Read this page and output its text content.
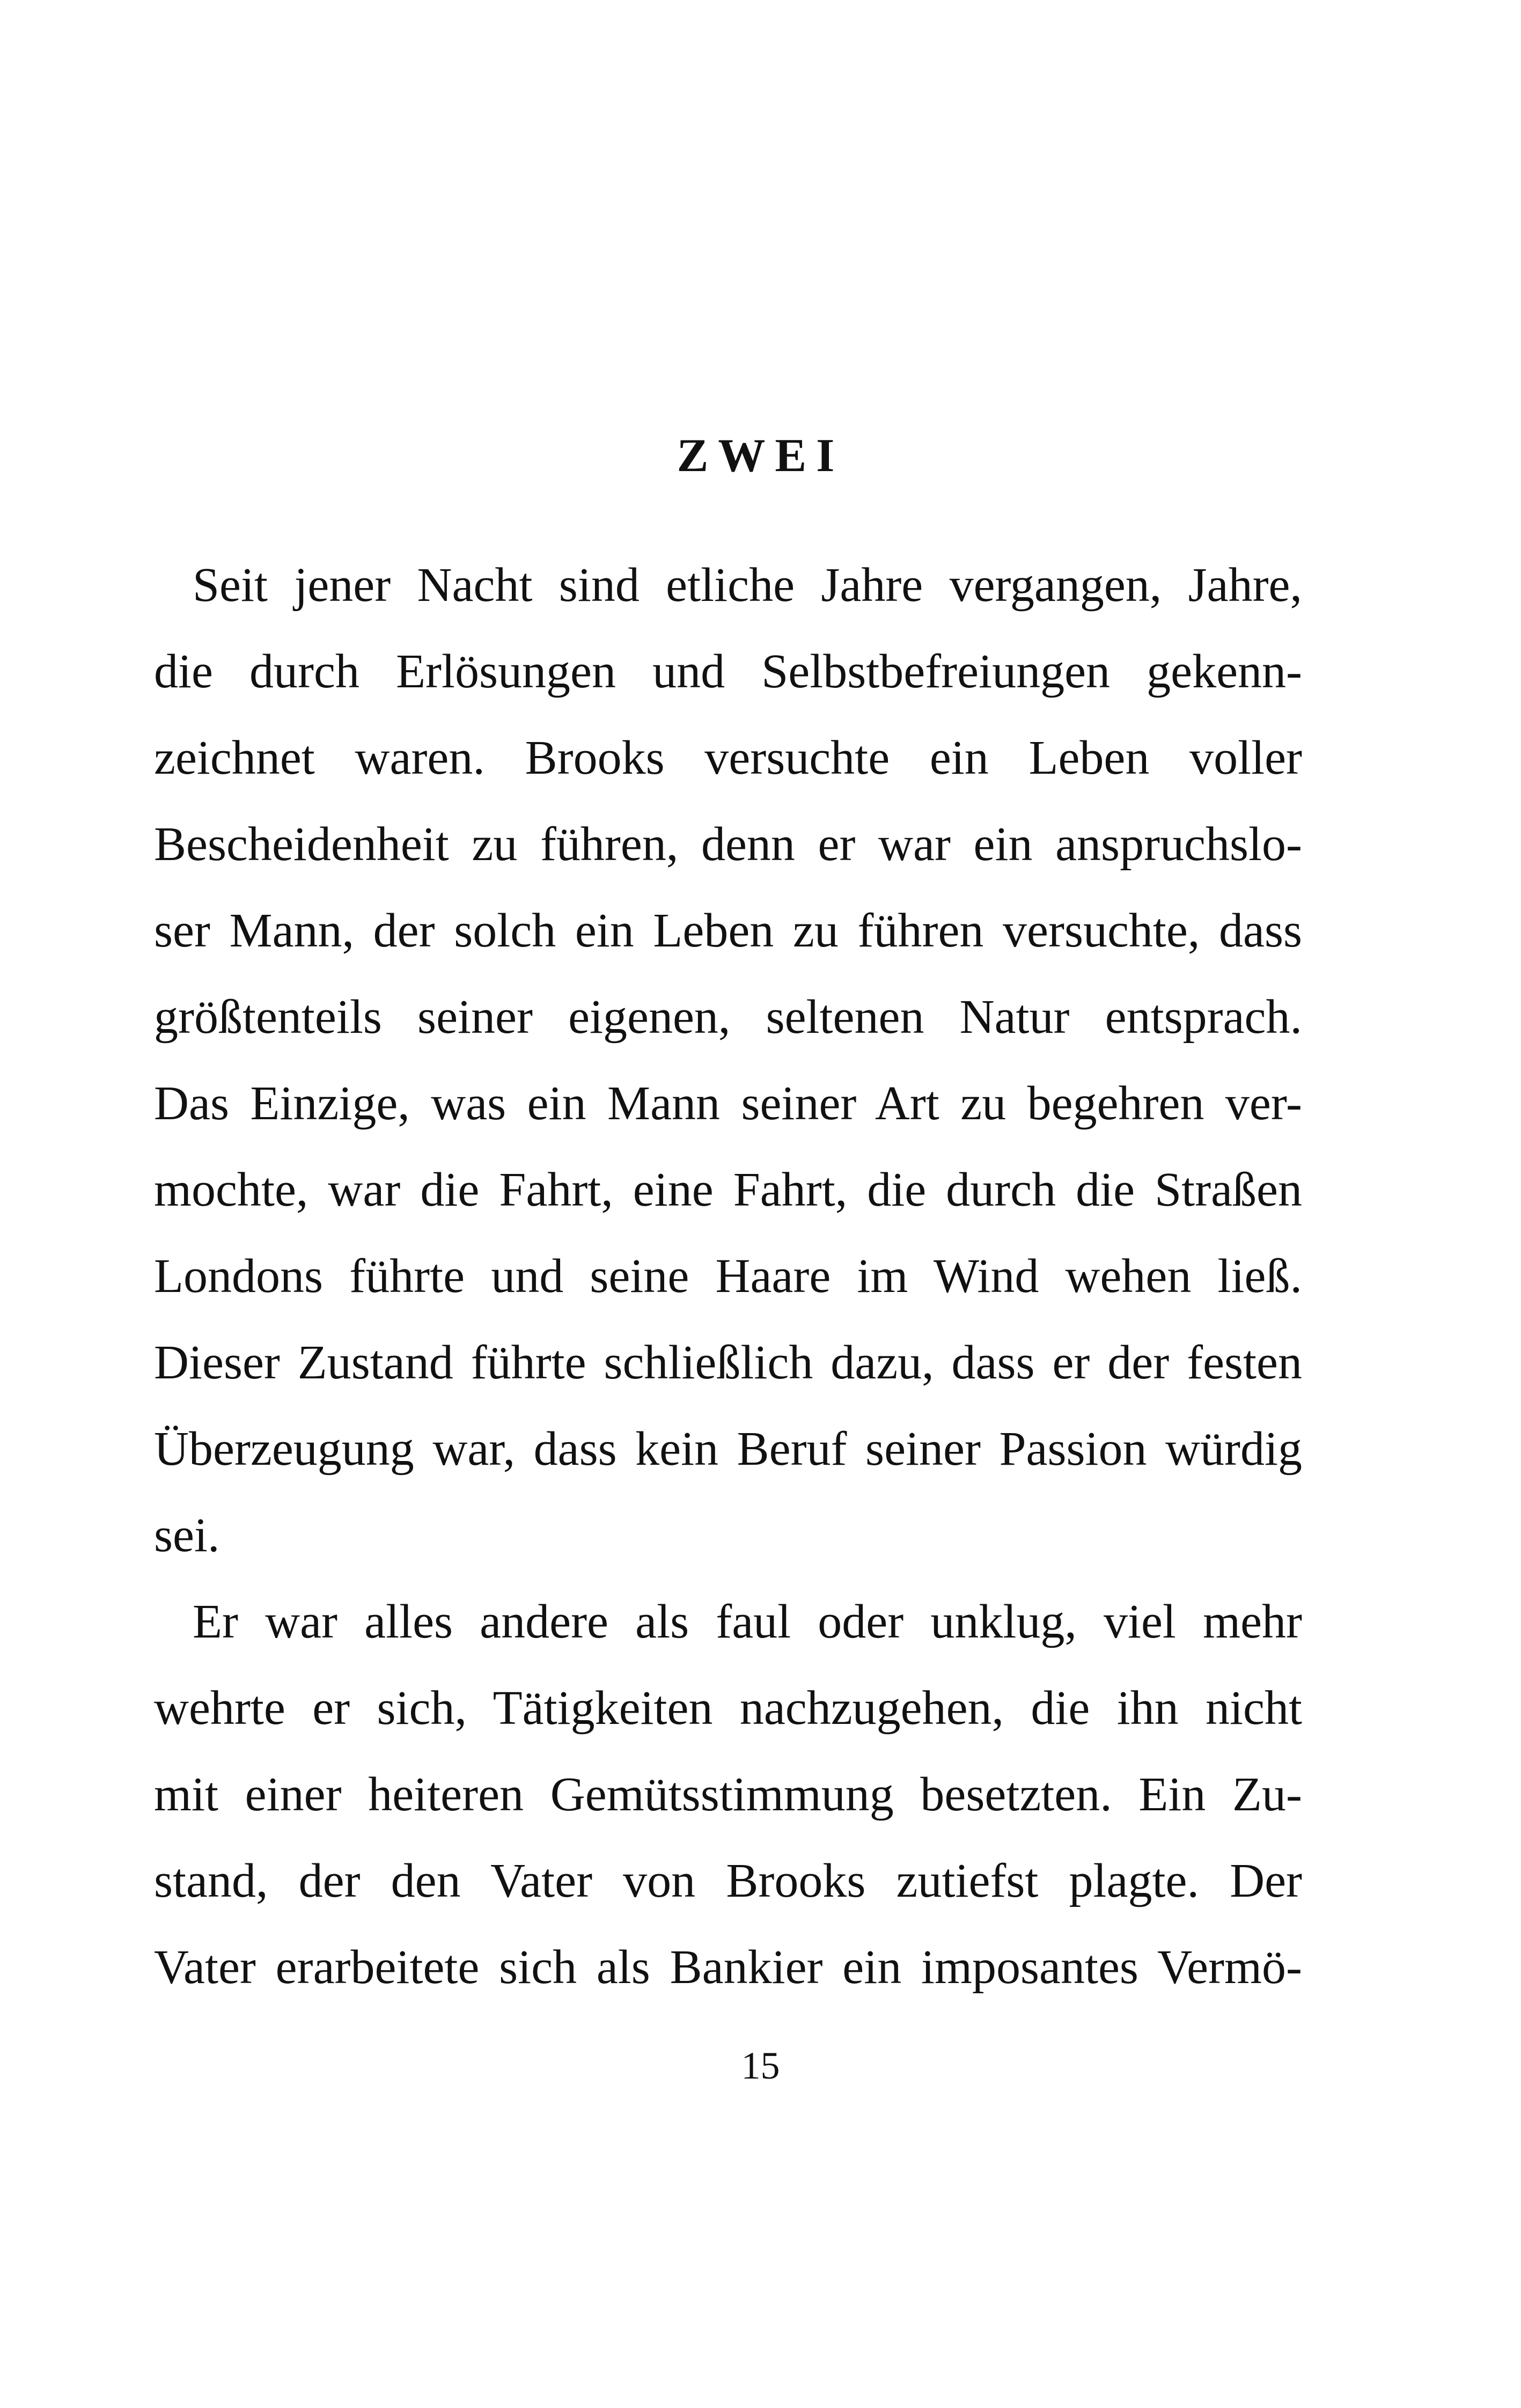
ZWEI
Seit jener Nacht sind etliche Jahre vergangen, Jahre,
die durch Erlösungen und Selbstbefreiungen gekenn-
zeichnet waren. Brooks versuchte ein Leben voller
Bescheidenheit zu führen, denn er war ein anspruchslo-
ser Mann, der solch ein Leben zu führen versuchte, dass
größtenteils seiner eigenen, seltenen Natur entsprach.
Das Einzige, was ein Mann seiner Art zu begehren ver-
mochte, war die Fahrt, eine Fahrt, die durch die Straßen
Londons führte und seine Haare im Wind wehen ließ.
Dieser Zustand führte schließlich dazu, dass er der festen
Überzeugung war, dass kein Beruf seiner Passion würdig
sei.
Er war alles andere als faul oder unklug, viel mehr
wehrte er sich, Tätigkeiten nachzugehen, die ihn nicht
mit einer heiteren Gemütsstimmung besetzten. Ein Zu-
stand, der den Vater von Brooks zutiefst plagte. Der
Vater erarbeitete sich als Bankier ein imposantes Vermö-
15
